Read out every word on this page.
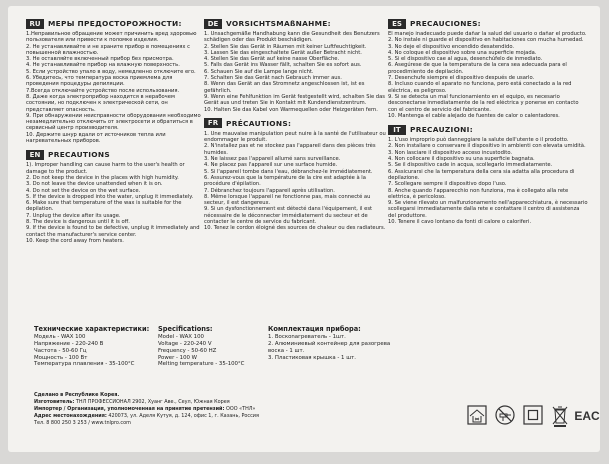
RU	МЕРЫ ПРЕДОСТОРОЖНОСТИ:
1.Неправильное обращение может причинить вред здоровью пользователя или привести к поломке изделия.
2. Не устанавливайте и не храните прибор в помещениях с повышенной влажностью.
3. Не оставляйте включенный прибор без присмотра.
4. Не устанавливайте прибор на влажную поверхность.
5. Если устройство упало в воду, немедленно отключите его.
6. Убедитесь, что температура воска приемлема для проведения процедуры депиляции.
7.Всегда отключайте устройство после использования.
8. Даже когда электроприбор находится в нерабочем состоянии, но подключен к электрической сети, он представляет опасность.
9. При обнаружении неисправности оборудования необходимо незамедлительно отключить от электросети и обратиться в сервисный центр производителя.
10. Держите шнур вдали от источников тепла или нагревательных приборов.
EN	PRECAUTIONS
1). Improper handling can cause harm to the user's health or damage to the product.
2. Do not keep the device in the places with high humidity.
3. Do not leave the device unattended when it is on.
4. Do not set the device on the wet surface.
5. If the device is dropped into the water, unplug it immediately.
6. Make sure that temperature of the wax is suitable for the depilation.
7. Unplug the device after its usage.
8. The device is dangerous until it is off.
9. If the device is found to be defective, unplug it immediately and contact the manufacturer's service center.
10. Keep the cord away from heaters.
DE	VORSICHTSMAßNAHME:
1. Unsachgemäße Handhabung kann die Gesundheit des Benutzers schädigen oder das Produkt beschädigen.
2. Stellen Sie das Gerät in Räumen mit keiner Luftfeuchtigkeit.
3. Lassen Sie das eingeschaltete Gerät außer Betracht nicht.
4. Stellen Sie das Gerät auf keine nasse Oberfläche.
5. Falls das Gerät ins Wasser fällt, schalten Sie es sofort aus.
6. Schauen Sie auf die Lampe lange nicht.
7. Schalten Sie das Gerät nach Gebrauch immer aus.
8. Wenn das Gerät an das Stromnetz angeschlossen ist, ist es gefährlich.
9. Wenn eine Fehlfunktion im Gerät festgestellt wird, schalten Sie das Gerät aus und treten Sie in Kontakt mit Kundendienstzentrum.
10. Halten Sie das Kabel von Warmequellen oder Heizgeräten fern.
FR	PRÉCAUTIONS:
1. Une mauvaise manipulation peut nuire à la santé de l'utilisateur ou endommager le produit.
2. N'installez pas et ne stockez pas l'appareil dans des pièces très humides.
3. Ne laissez pas l'appareil allumé sans surveillance.
4. Ne placez pas l'appareil sur une surface humide.
5. Si l'appareil tombe dans l'eau, débranchez-le immédiatement.
6. Assurez-vous que la température de la cire est adaptée à la procédure d'épilation.
7. Débranchez toujours l'appareil après utilisation.
8. Même lorsque l'appareil ne fonctionne pas, mais connecté au secteur, il est dangereux.
9. Si un dysfonctionnement est détecté dans l'équipement, il est nécessaire de le déconnecter immédiatement du secteur et de contacter le centre de service du fabricant.
10. Tenez le cordon éloigné des sources de chaleur ou des radiateurs.
ES	PRECAUCIONES:
El manejo inadecuado puede dañar la salud del usuario o dañar el producto.
2. No instale ni guarde el dispositivo en habitaciones con mucha humedad.
3. No deje el dispositivo encendido desatendido.
4. No coloque el dispositivo sobre una superficie mojada.
5. Si el dispositivo cae al agua, desenchúfelo de inmediato.
6. Asegúrese de que la temperatura de la cera sea adecuada para el procedimiento de depilación.
7. Desenchufe siempre el dispositivo después de usarlo.
8. Incluso cuando el aparato no funciona, pero está conectado a la red eléctrica, es peligroso.
9. Si se detecta un mal funcionamiento en el equipo, es necesario desconectarse inmediatamente de la red eléctrica y ponerse en contacto con el centro de servicio del fabricante.
10. Mantenga el cable alejado de fuentes de calor o calentadores.
IT	PRECAUZIONI:
1. L'uso improprio può danneggiare la salute dell'utente o il prodotto.
2. Non installare o conservare il dispositivo in ambienti con elevata umidità.
3. Non lasciare il dispositivo acceso incustodito.
4. Non collocare il dispositivo su una superficie bagnata.
5. Se il dispositivo cade in acqua, scollegarlo immediatamente.
6. Assicurarsi che la temperatura della cera sia adatta alla procedura di depilazione.
7. Scollegare sempre il dispositivo dopo l'uso.
8. Anche quando l'apparecchio non funziona, ma è collegato alla rete elettrica, è pericoloso.
9. Se viene rilevato un malfunzionamento nell'apparecchiatura, è necessario scollegarsi immediatamente dalla rete e contattare il centro di assistenza del produttore.
10. Tenere il cavo lontano da fonti di calore o caloriferi.
Технические характеристики:
Модель - WAX 100
Напряжение - 220-240 В
Частота - 50-60 Гц
Мощность - 100 Вт
Температура плавления - 35-100°С
Specifications:
Model - WAX 100
Voltage - 220-240 V
Frequency - 50-60 HZ
Power - 100 W
Melting temperature - 35-100°C
Комплектация прибора:
1. Воскоnагреватель - 1шт.
2. Алюминиевый контейнер для разогрева воска - 1 шт.
3. Пластиковая крышка - 1 шт.
Сделано в Республике Корея.
Изготовитель: ТНЛ ПРОФЕССИОНАЛ 2902, Хуанг Аве., Сеул, Южная Корея
Импортер / Организация, уполномоченная на принятие претензий: ООО «ТНЛ»
Адрес местонахождения: 420073, ул. Аделя Кутуя, д. 124, офис 1, г. Казань, Россия
Тел. 8 800 250 3 253 / www.tnlpro.com	EAC
